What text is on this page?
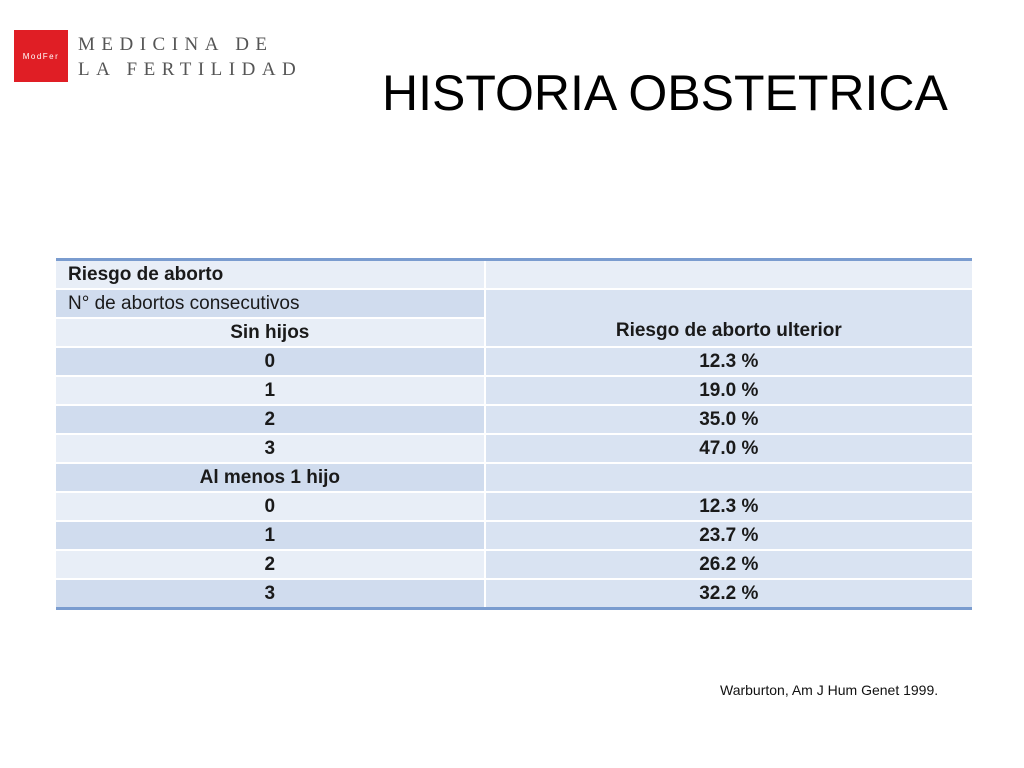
ModFer
MEDICINA DE
LA FERTILIDAD HISTORIA OBSTETRICA
Riesgo de aborto	
N° de abortos consecutivos	Riesgo de aborto ulterior
Sin hijos	
0	12.3 %
1	19.0 %
2	35.0 %
3	47.0 %
Al menos 1 hijo	
0	12.3 %
1	23.7 %
2	26.2 %
3	32.2 %
Warburton, Am J Hum Genet 1999.
